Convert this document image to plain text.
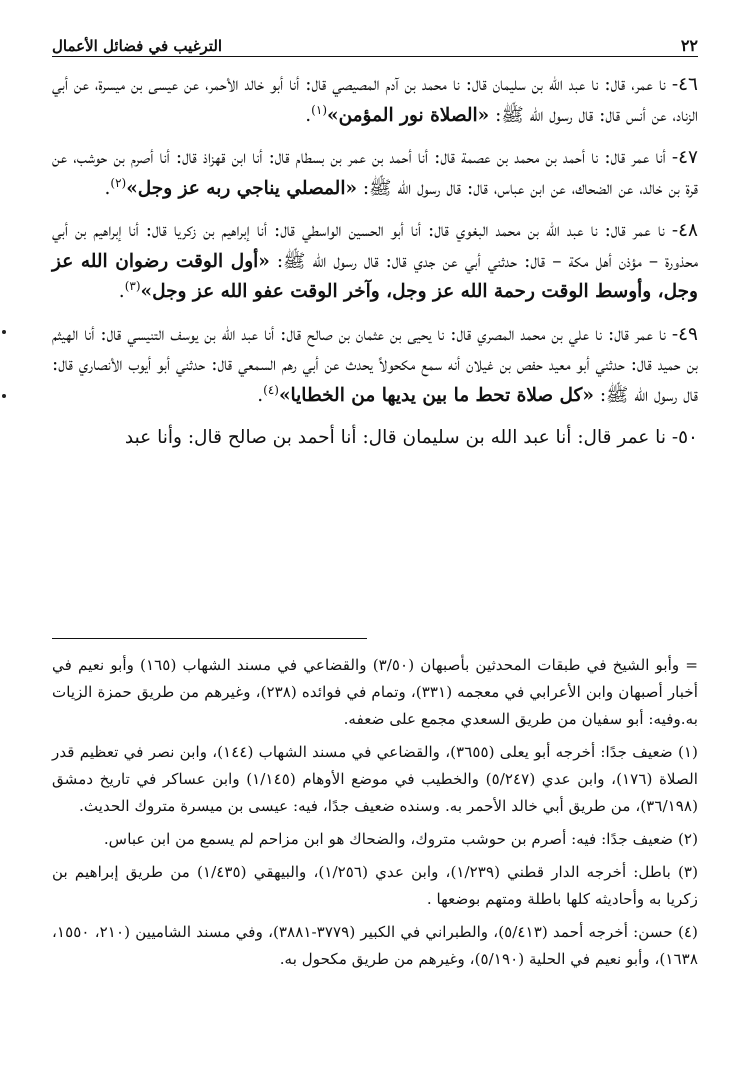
٢٢
الترغيب في فضائل الأعمال

٤٦- نا عمر، قال: نا عبد الله بن سليمان قال: نا محمد بن آدم المصيصي قال: أنا أبو خالد الأحمر، عن عيسى بن ميسرة، عن أبي الزناد، عن أنس قال: قال رسول الله ﷺ: «الصلاة نور المؤمن»$^{(١)}$.

٤٧- أنا عمر قال: نا أحمد بن محمد بن عصمة قال: أنا أحمد بن عمر بن بسطام قال: أنا ابن قهزاذ قال: أنا أصرم بن حوشب، عن قرة بن خالد، عن الضحاك، عن ابن عباس، قال: قال رسول الله ﷺ: «المصلي يناجي ربه عز وجل»$^{(٢)}$.

٤٨- نا عمر قال: نا عبد الله بن محمد البغوي قال: أنا أبو الحسين الواسطي قال: أنا إبراهيم بن زكريا قال: أنا إبراهيم بن أبي محذورة – مؤذن أهل مكة – قال: حدثني أبي عن جدي قال: قال رسول الله ﷺ: «أول الوقت رضوان الله عز وجل، وأوسط الوقت رحمة الله عز وجل، وآخر الوقت عفو الله عز وجل»$^{(٣)}$.

٤٩- نا عمر قال: نا علي بن محمد المصري قال: نا يحيى بن عثمان بن صالح قال: أنا عبد الله بن يوسف التنيسي قال: أنا الهيثم بن حميد قال: حدثني أبو معيد حفص بن غيلان أنه سمع مكحولاً يحدث عن أبي رهم السمعي قال: حدثني أبو أيوب الأنصاري قال: قال رسول الله ﷺ: «كل صلاة تحط ما بين يديها من الخطايا»$^{(٤)}$.

٥٠- نا عمر قال: أنا عبد الله بن سليمان قال: أنا أحمد بن صالح قال: وأنا عبد

= وأبو الشيخ في طبقات المحدثين بأصبهان (٣/٥٠) والقضاعي في مسند الشهاب (١٦٥) وأبو نعيم في أخبار أصبهان وابن الأعرابي في معجمه (٣٣١)، وتمام في فوائده (٢٣٨)، وغيرهم من طريق حمزة الزيات به.وفيه: أبو سفيان من طريق السعدي مجمع على ضعفه.

(١) ضعيف جدًا: أخرجه أبو يعلى (٣٦٥٥)، والقضاعي في مسند الشهاب (١٤٤)، وابن نصر في تعظيم قدر الصلاة (١٧٦)، وابن عدي (٥/٢٤٧) والخطيب في موضع الأوهام (١/١٤٥) وابن عساكر في تاريخ دمشق (٣٦/١٩٨)، من طريق أبي خالد الأحمر به. وسنده ضعيف جدًا، فيه: عيسى بن ميسرة متروك الحديث.

(٢) ضعيف جدًا: فيه: أصرم بن حوشب متروك، والضحاك هو ابن مزاحم لم يسمع من ابن عباس.

(٣) باطل: أخرجه الدار قطني (١/٢٣٩)، وابن عدي (١/٢٥٦)، والبيهقي (١/٤٣٥) من طريق إبراهيم بن زكريا به وأحاديثه كلها باطلة ومتهم بوضعها .

(٤) حسن: أخرجه أحمد (٥/٤١٣)، والطبراني في الكبير (٣٧٧٩-٣٨٨١)، وفي مسند الشاميين (٢١٠، ١٥٥٠، ١٦٣٨)، وأبو نعيم في الحلية (٥/١٩٠)، وغيرهم من طريق مكحول به.
